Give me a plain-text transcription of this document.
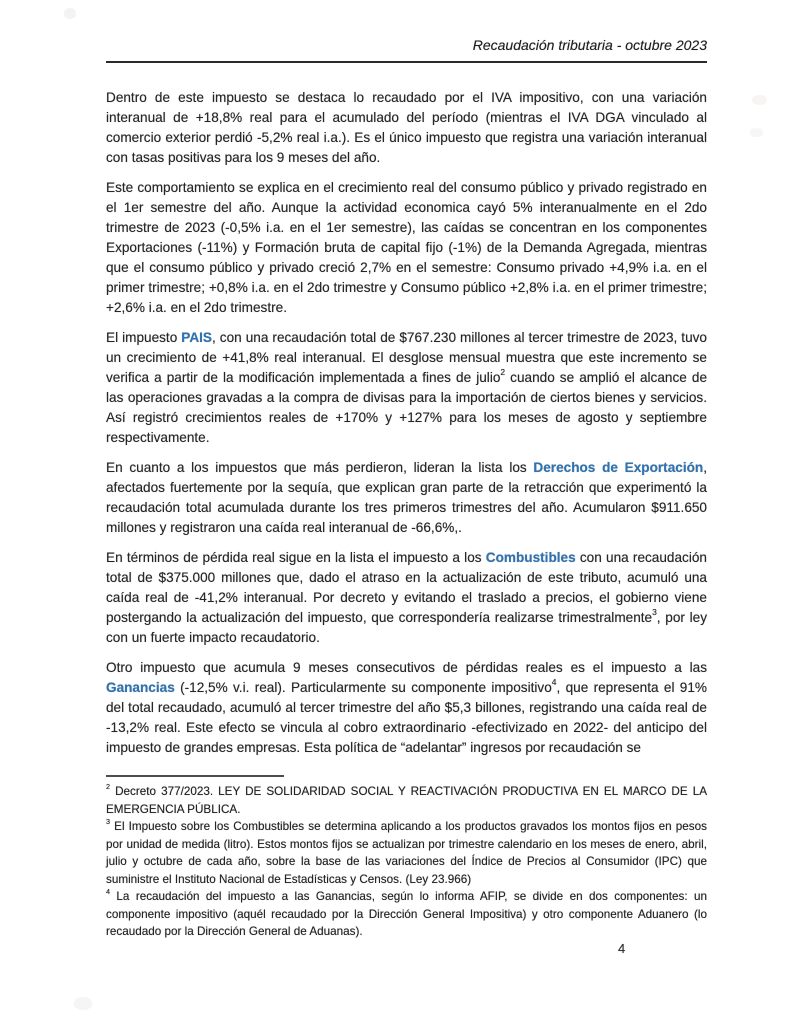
Recaudación tributaria - octubre 2023

Dentro de este impuesto se destaca lo recaudado por el IVA impositivo, con una variación interanual de +18,8% real para el acumulado del período (mientras el IVA DGA vinculado al comercio exterior perdió -5,2% real i.a.). Es el único impuesto que registra una variación interanual con tasas positivas para los 9 meses del año.

Este comportamiento se explica en el crecimiento real del consumo público y privado registrado en el 1er semestre del año. Aunque la actividad economica cayó 5% interanualmente en el 2do trimestre de 2023 (-0,5% i.a. en el 1er semestre), las caídas se concentran en los componentes Exportaciones (-11%) y Formación bruta de capital fijo (-1%) de la Demanda Agregada, mientras que el consumo público y privado creció 2,7% en el semestre: Consumo privado +4,9% i.a. en el primer trimestre; +0,8% i.a. en el 2do trimestre y Consumo público +2,8% i.a. en el primer trimestre; +2,6% i.a. en el 2do trimestre.

El impuesto PAIS, con una recaudación total de $767.230 millones al tercer trimestre de 2023, tuvo un crecimiento de +41,8% real interanual. El desglose mensual muestra que este incremento se verifica a partir de la modificación implementada a fines de julio$^2$ cuando se amplió el alcance de las operaciones gravadas a la compra de divisas para la importación de ciertos bienes y servicios. Así registró crecimientos reales de +170% y +127% para los meses de agosto y septiembre respectivamente.

En cuanto a los impuestos que más perdieron, lideran la lista los Derechos de Exportación, afectados fuertemente por la sequía, que explican gran parte de la retracción que experimentó la recaudación total acumulada durante los tres primeros trimestres del año. Acumularon $911.650 millones y registraron una caída real interanual de -66,6%,.

En términos de pérdida real sigue en la lista el impuesto a los Combustibles con una recaudación total de $375.000 millones que, dado el atraso en la actualización de este tributo, acumuló una caída real de -41,2% interanual. Por decreto y evitando el traslado a precios, el gobierno viene postergando la actualización del impuesto, que correspondería realizarse trimestralmente$^3$, por ley con un fuerte impacto recaudatorio.

Otro impuesto que acumula 9 meses consecutivos de pérdidas reales es el impuesto a las Ganancias (-12,5% v.i. real). Particularmente su componente impositivo$^4$, que representa el 91% del total recaudado, acumuló al tercer trimestre del año $5,3 billones, registrando una caída real de -13,2% real. Este efecto se vincula al cobro extraordinario -efectivizado en 2022- del anticipo del impuesto de grandes empresas. Esta política de “adelantar” ingresos por recaudación se

$^2$ Decreto 377/2023. LEY DE SOLIDARIDAD SOCIAL Y REACTIVACIÓN PRODUCTIVA EN EL MARCO DE LA EMERGENCIA PÚBLICA.

$^3$ El Impuesto sobre los Combustibles se determina aplicando a los productos gravados los montos fijos en pesos por unidad de medida (litro). Estos montos fijos se actualizan por trimestre calendario en los meses de enero, abril, julio y octubre de cada año, sobre la base de las variaciones del Índice de Precios al Consumidor (IPC) que suministre el Instituto Nacional de Estadísticas y Censos. (Ley 23.966)

$^4$ La recaudación del impuesto a las Ganancias, según lo informa AFIP, se divide en dos componentes: un componente impositivo (aquél recaudado por la Dirección General Impositiva) y otro componente Aduanero (lo recaudado por la Dirección General de Aduanas).

4
